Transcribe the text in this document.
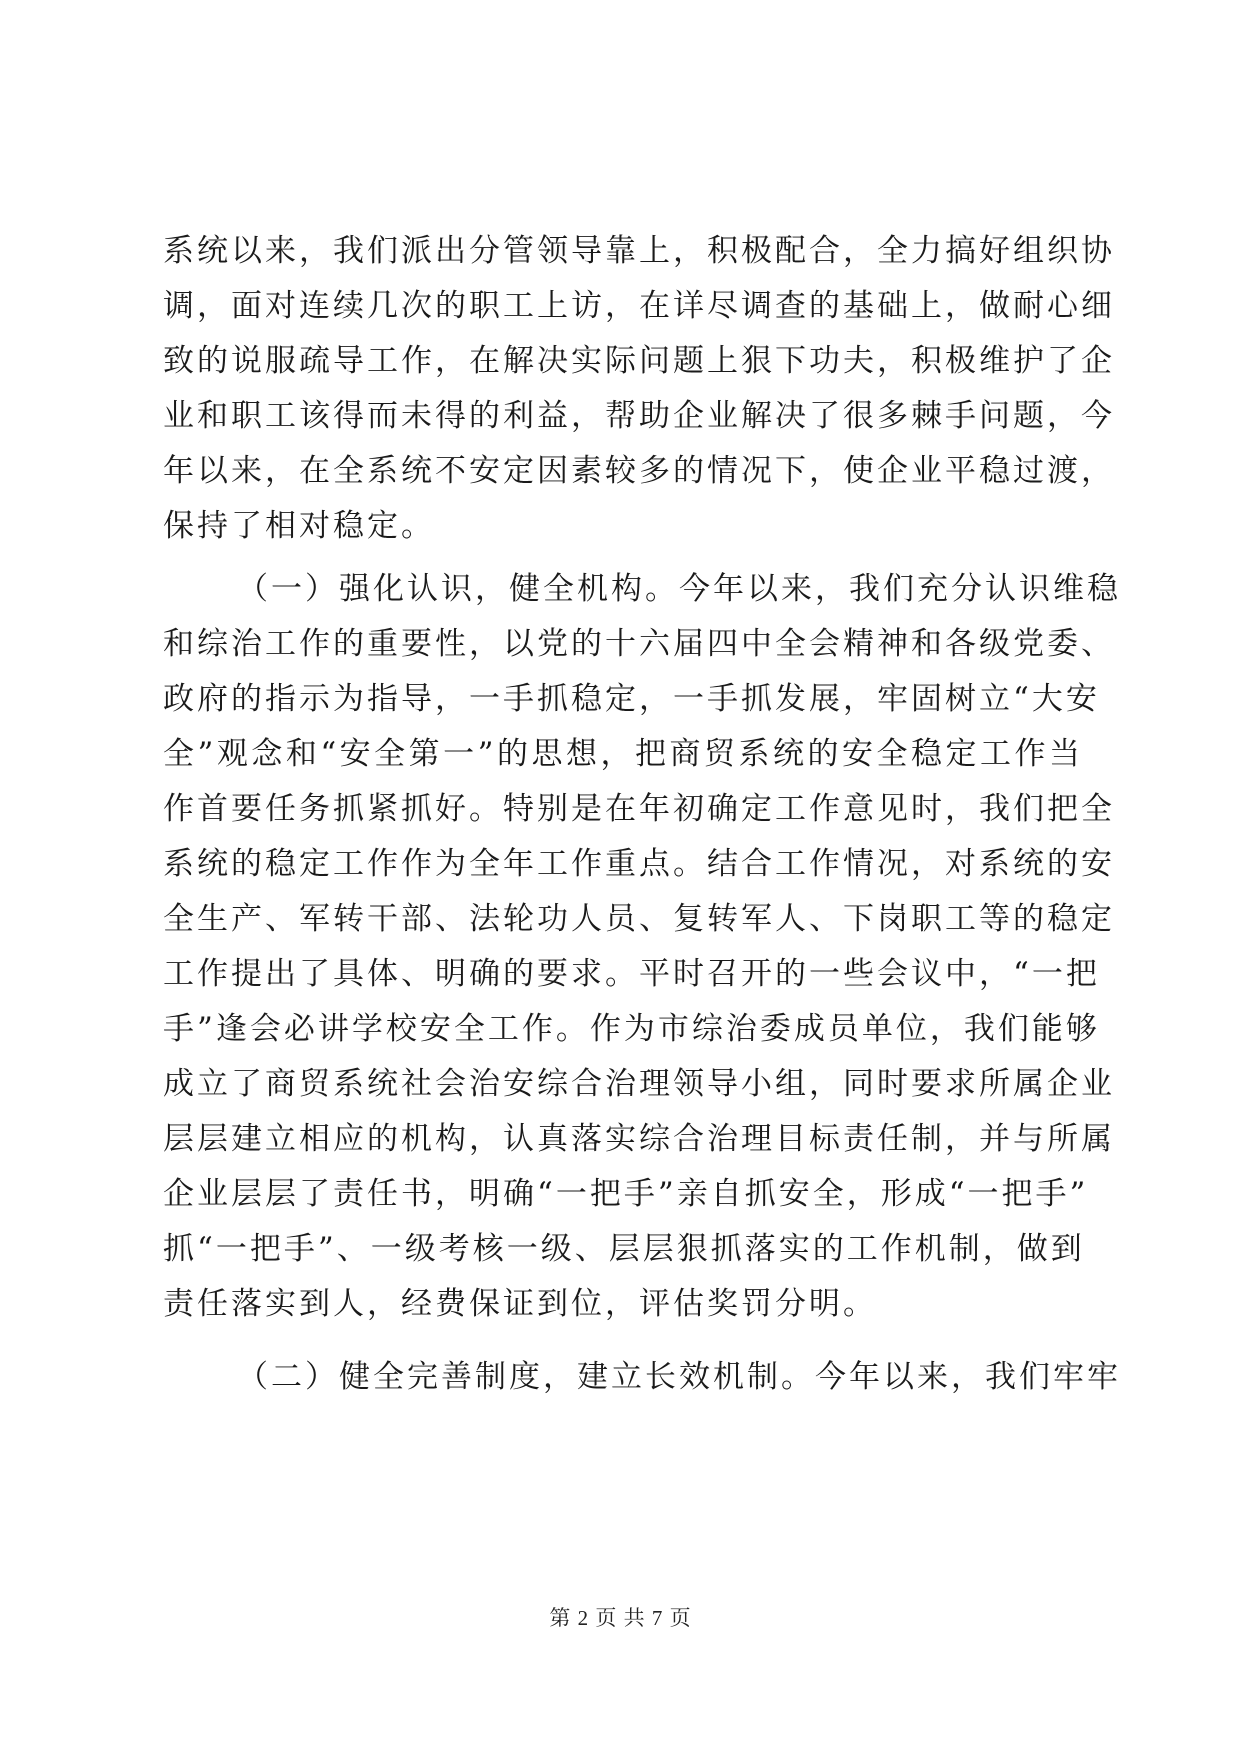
系统以来，我们派出分管领导靠上，积极配合，全力搞好组织协
调，面对连续几次的职工上访，在详尽调查的基础上，做耐心细
致的说服疏导工作，在解决实际问题上狠下功夫，积极维护了企
业和职工该得而未得的利益，帮助企业解决了很多棘手问题，今
年以来，在全系统不安定因素较多的情况下，使企业平稳过渡，
保持了相对稳定。
（一）强化认识，健全机构。今年以来，我们充分认识维稳
和综治工作的重要性，以党的十六届四中全会精神和各级党委、
政府的指示为指导，一手抓稳定，一手抓发展，牢固树立“大安
全”观念和“安全第一”的思想，把商贸系统的安全稳定工作当
作首要任务抓紧抓好。特别是在年初确定工作意见时，我们把全
系统的稳定工作作为全年工作重点。结合工作情况，对系统的安
全生产、军转干部、法轮功人员、复转军人、下岗职工等的稳定
工作提出了具体、明确的要求。平时召开的一些会议中，“一把
手”逢会必讲学校安全工作。作为市综治委成员单位，我们能够
成立了商贸系统社会治安综合治理领导小组，同时要求所属企业
层层建立相应的机构，认真落实综合治理目标责任制，并与所属
企业层层了责任书，明确“一把手”亲自抓安全，形成“一把手”
抓“一把手”、一级考核一级、层层狠抓落实的工作机制，做到
责任落实到人，经费保证到位，评估奖罚分明。
（二）健全完善制度，建立长效机制。今年以来，我们牢牢
第 2 页 共 7 页
